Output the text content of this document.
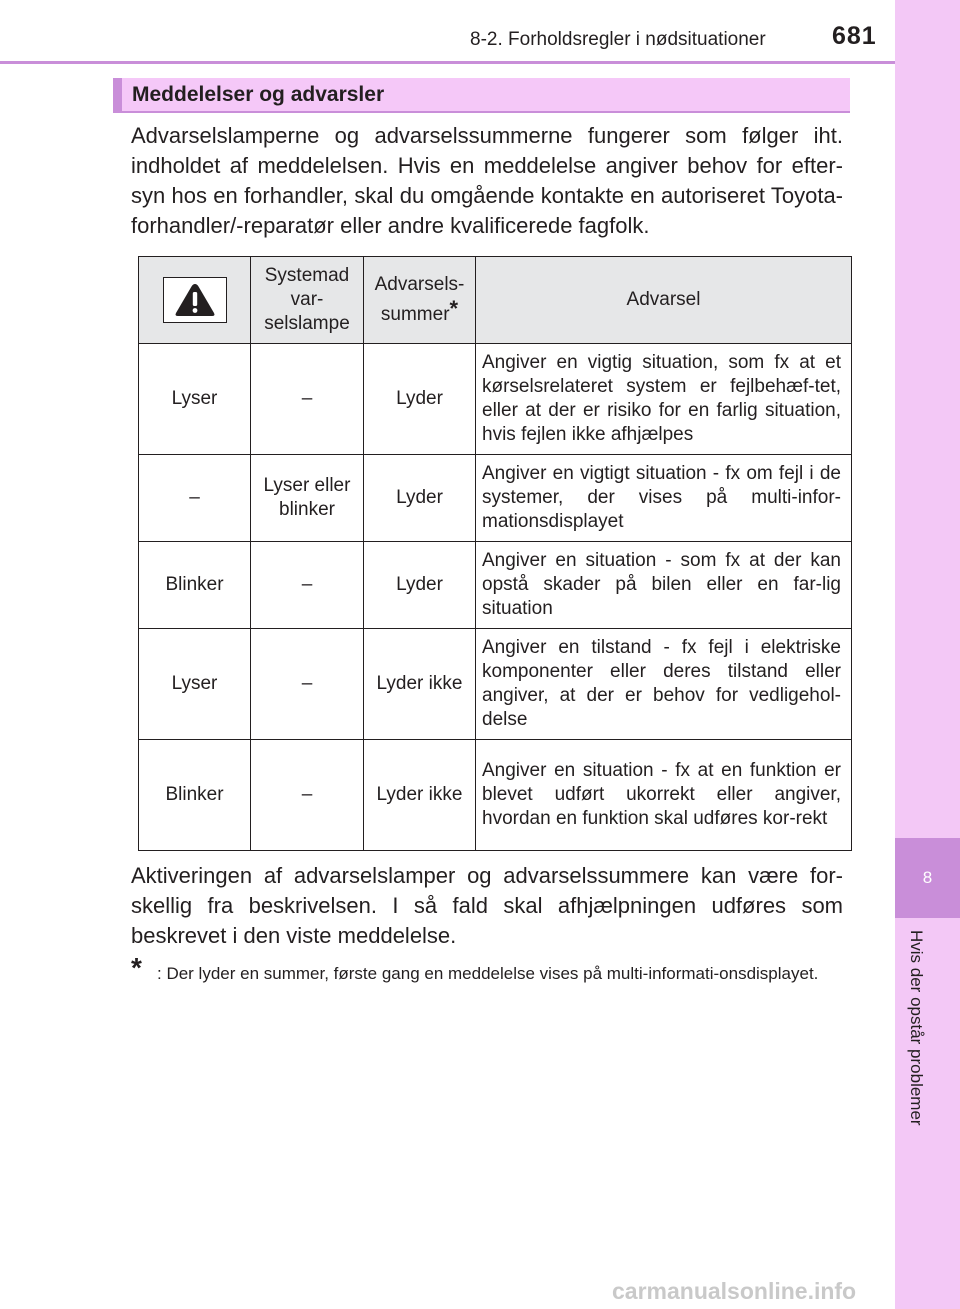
8-2. Forholdsregler i nødsituationer	681
8
Hvis der opstår problemer
Meddelelser og advarsler
Advarselslamperne og advarselssummerne fungerer som følger iht. indholdet af meddelelsen. Hvis en meddelelse angiver behov for efter-syn hos en forhandler, skal du omgående kontakte en autoriseret Toyota-forhandler/-reparatør eller andre kvalificerede fagfolk.
	Systemad var-selslampe	Advarsels-summer*	Advarsel
Lyser	–	Lyder	Angiver en vigtig situation, som fx at et kørselsrelateret system er fejlbehæf-tet, eller at der er risiko for en farlig situation, hvis fejlen ikke afhjælpes
–	Lyser eller blinker	Lyder	Angiver en vigtigt situation - fx om fejl i de systemer, der vises på multi-infor-mationsdisplayet
Blinker	–	Lyder	Angiver en situation - som fx at der kan opstå skader på bilen eller en far-lig situation
Lyser	–	Lyder ikke	Angiver en tilstand - fx fejl i elektriske komponenter eller deres tilstand eller angiver, at der er behov for vedligehol-delse
Blinker	–	Lyder ikke	Angiver en situation - fx at en funktion er blevet udført ukorrekt eller angiver, hvordan en funktion skal udføres kor-rekt
Aktiveringen af advarselslamper og advarselssummere kan være for-skellig fra beskrivelsen. I så fald skal afhjælpningen udføres som beskrevet i den viste meddelelse.
* : Der lyder en summer, første gang en meddelelse vises på multi-informati-onsdisplayet.
carmanualsonline.info
